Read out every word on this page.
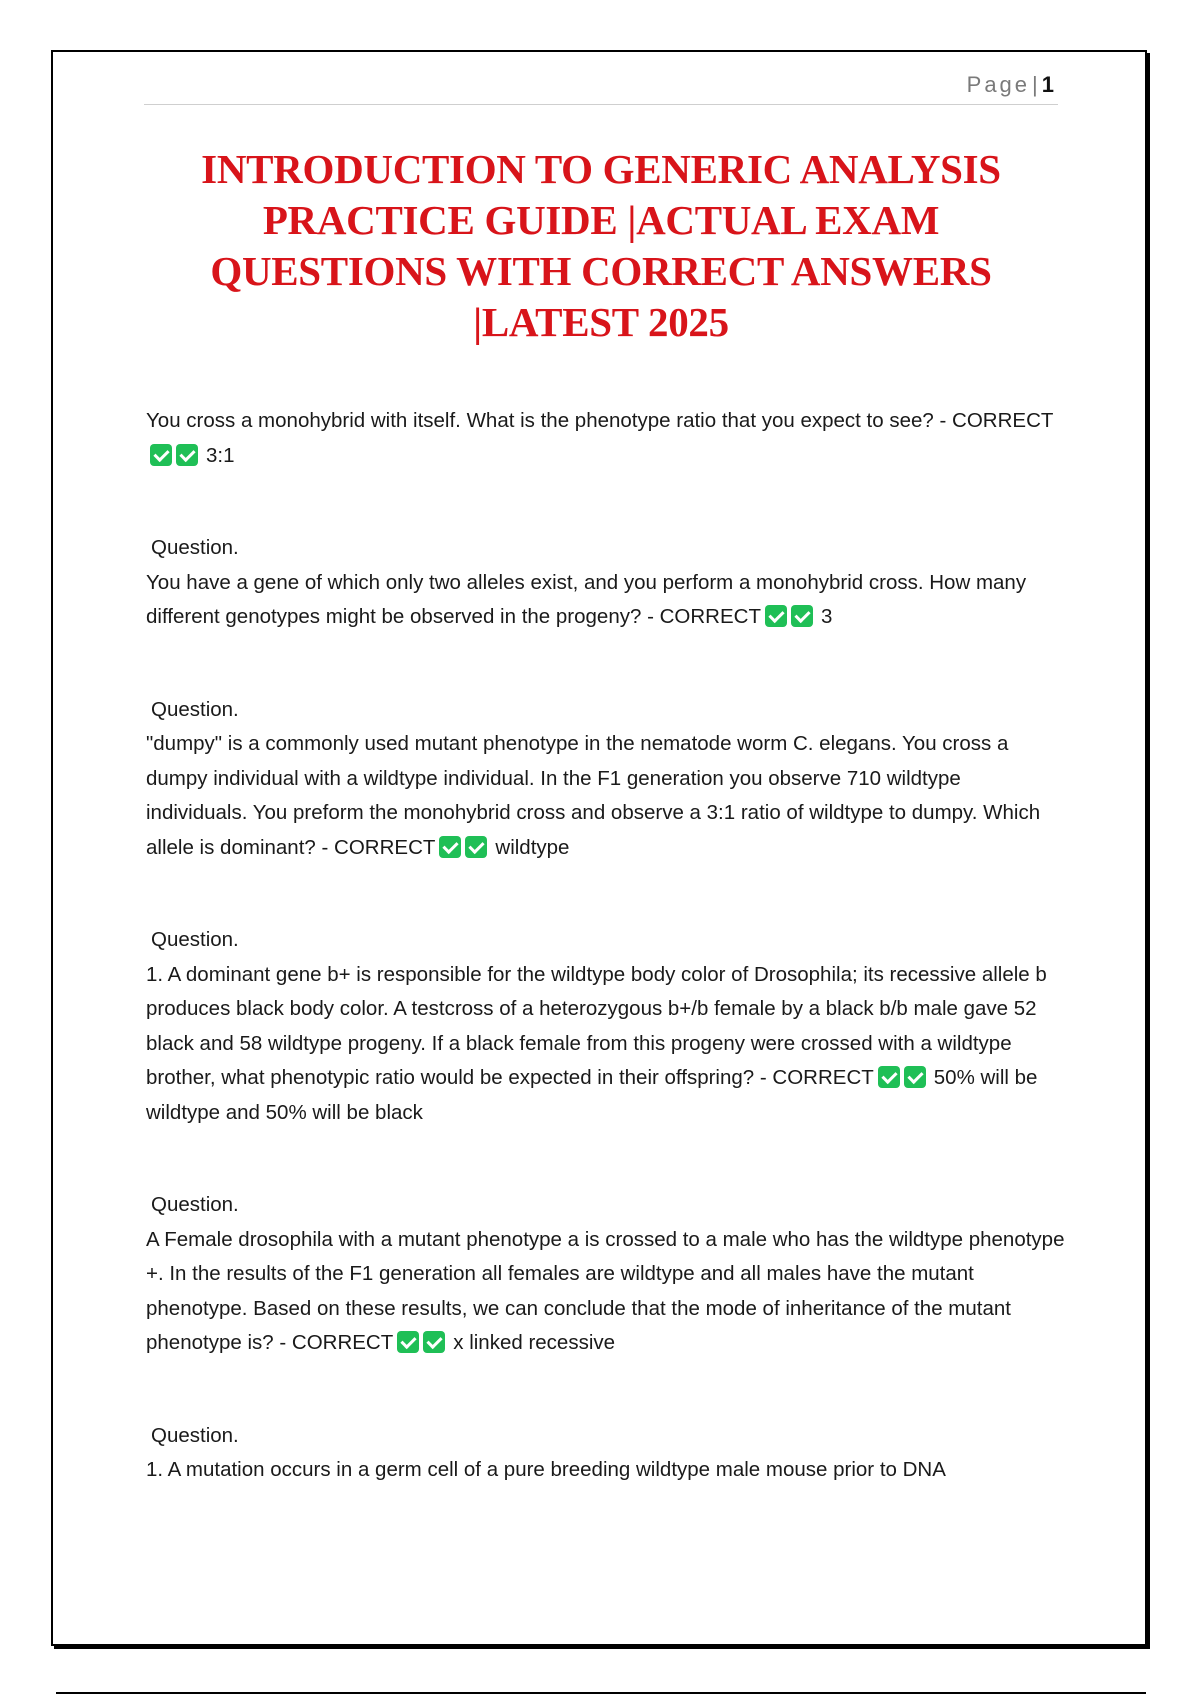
Page| 1
INTRODUCTION TO GENERIC ANALYSIS PRACTICE GUIDE |ACTUAL EXAM QUESTIONS WITH CORRECT ANSWERS |LATEST 2025

You cross a monohybrid with itself. What is the phenotype ratio that you expect to see? - CORRECT3:1

Question.
You have a gene of which only two alleles exist, and you perform a monohybrid cross. How many different genotypes might be observed in the progeny? - CORRECT	3

Question.
"dumpy" is a commonly used mutant phenotype in the nematode worm C. elegans. You cross a dumpy individual with a wildtype individual. In the F1 generation you observe 710 wildtype individuals. You preform the monohybrid cross and observe a 3:1 ratio of wildtype to dumpy. Which allele is dominant? - CORRECT	wildtype

Question.
1. A dominant gene b+ is responsible for the wildtype body color of Drosophila; its recessive allele b produces black body color. A testcross of a heterozygous b+/b female by a black b/b male gave 52 black and 58 wildtype progeny. If a black female from this progeny were crossed with a wildtype brother, what phenotypic ratio would be expected in their offspring? - CORRECT	50% will be wildtype and 50% will be black

Question.
A Female drosophila with a mutant phenotype a is crossed to a male who has the wildtype phenotype +. In the results of the F1 generation all females are wildtype and all males have the mutant phenotype. Based on these results, we can conclude that the mode of inheritance of the mutant phenotype is? - CORRECT	x linked recessive

Question.
1. A mutation occurs in a germ cell of a pure breeding wildtype male mouse prior to DNA
